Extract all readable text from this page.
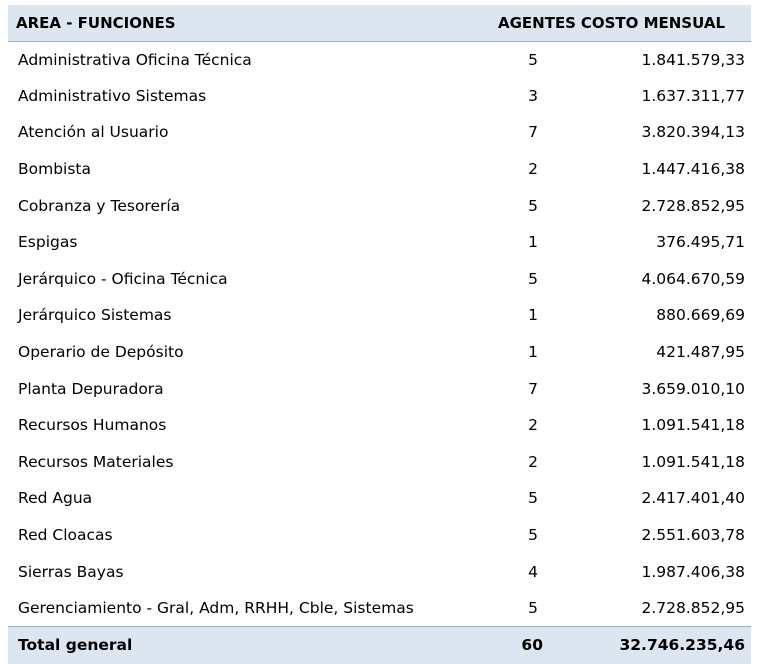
AREA - FUNCIONES	AGENTES	COSTO MENSUAL
Administrativa Oficina Técnica	5	1.841.579,33
Administrativo Sistemas	3	1.637.311,77
Atención al Usuario	7	3.820.394,13
Bombista	2	1.447.416,38
Cobranza y Tesorería	5	2.728.852,95
Espigas	1	376.495,71
Jerárquico - Oficina Técnica	5	4.064.670,59
Jerárquico Sistemas	1	880.669,69
Operario de Depósito	1	421.487,95
Planta Depuradora	7	3.659.010,10
Recursos Humanos	2	1.091.541,18
Recursos Materiales	2	1.091.541,18
Red Agua	5	2.417.401,40
Red Cloacas	5	2.551.603,78
Sierras Bayas	4	1.987.406,38
Gerenciamiento - Gral, Adm, RRHH, Cble, Sistemas	5	2.728.852,95
Total general	60	32.746.235,46
